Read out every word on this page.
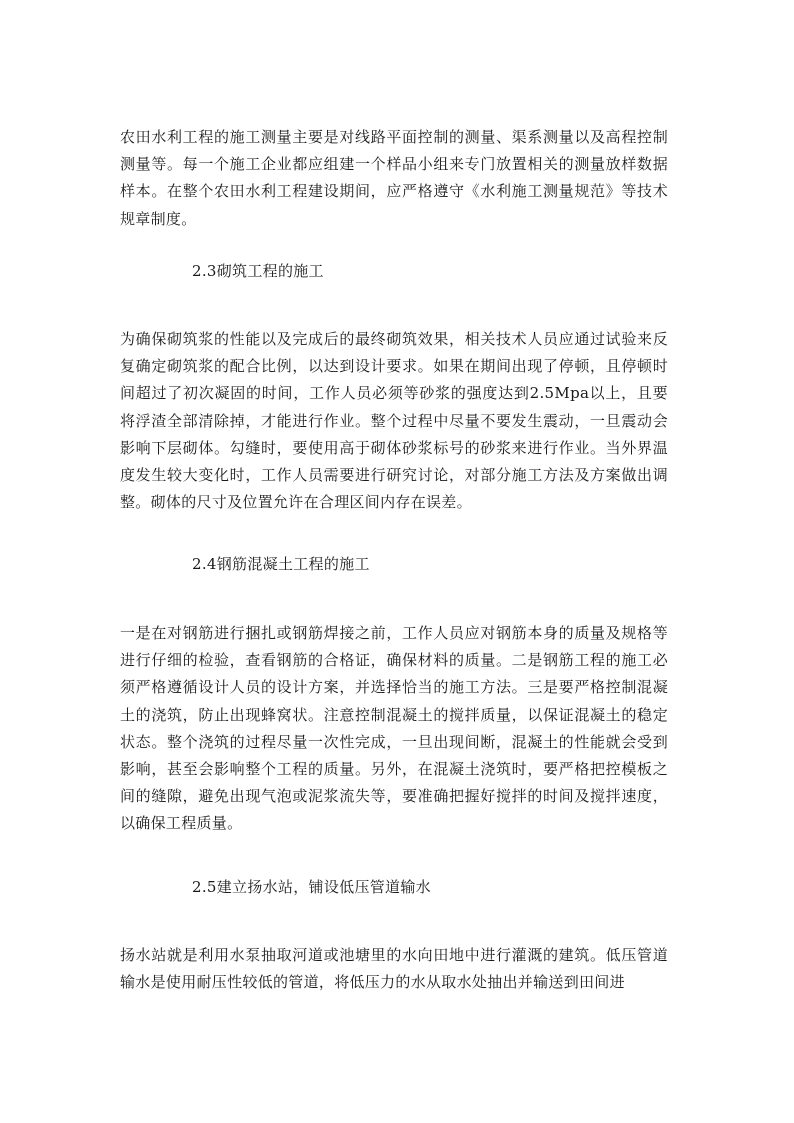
农田水利工程的施工测量主要是对线路平面控制的测量、渠系测量以及高程控制测量等。每一个施工企业都应组建一个样品小组来专门放置相关的测量放样数据样本。在整个农田水利工程建设期间，应严格遵守《水利施工测量规范》等技术规章制度。

2.3砌筑工程的施工

为确保砌筑浆的性能以及完成后的最终砌筑效果，相关技术人员应通过试验来反复确定砌筑浆的配合比例，以达到设计要求。如果在期间出现了停顿，且停顿时间超过了初次凝固的时间，工作人员必须等砂浆的强度达到2.5Mpa以上，且要将浮渣全部清除掉，才能进行作业。整个过程中尽量不要发生震动，一旦震动会影响下层砌体。勾缝时，要使用高于砌体砂浆标号的砂浆来进行作业。当外界温度发生较大变化时，工作人员需要进行研究讨论，对部分施工方法及方案做出调整。砌体的尺寸及位置允许在合理区间内存在误差。

2.4钢筋混凝土工程的施工

一是在对钢筋进行捆扎或钢筋焊接之前，工作人员应对钢筋本身的质量及规格等进行仔细的检验，查看钢筋的合格证，确保材料的质量。二是钢筋工程的施工必须严格遵循设计人员的设计方案，并选择恰当的施工方法。三是要严格控制混凝土的浇筑，防止出现蜂窝状。注意控制混凝土的搅拌质量，以保证混凝土的稳定状态。整个浇筑的过程尽量一次性完成，一旦出现间断，混凝土的性能就会受到影响，甚至会影响整个工程的质量。另外，在混凝土浇筑时，要严格把控模板之间的缝隙，避免出现气泡或泥浆流失等，要准确把握好搅拌的时间及搅拌速度，以确保工程质量。

2.5建立扬水站，铺设低压管道输水

扬水站就是利用水泵抽取河道或池塘里的水向田地中进行灌溉的建筑。低压管道输水是使用耐压性较低的管道，将低压力的水从取水处抽出并输送到田间进
